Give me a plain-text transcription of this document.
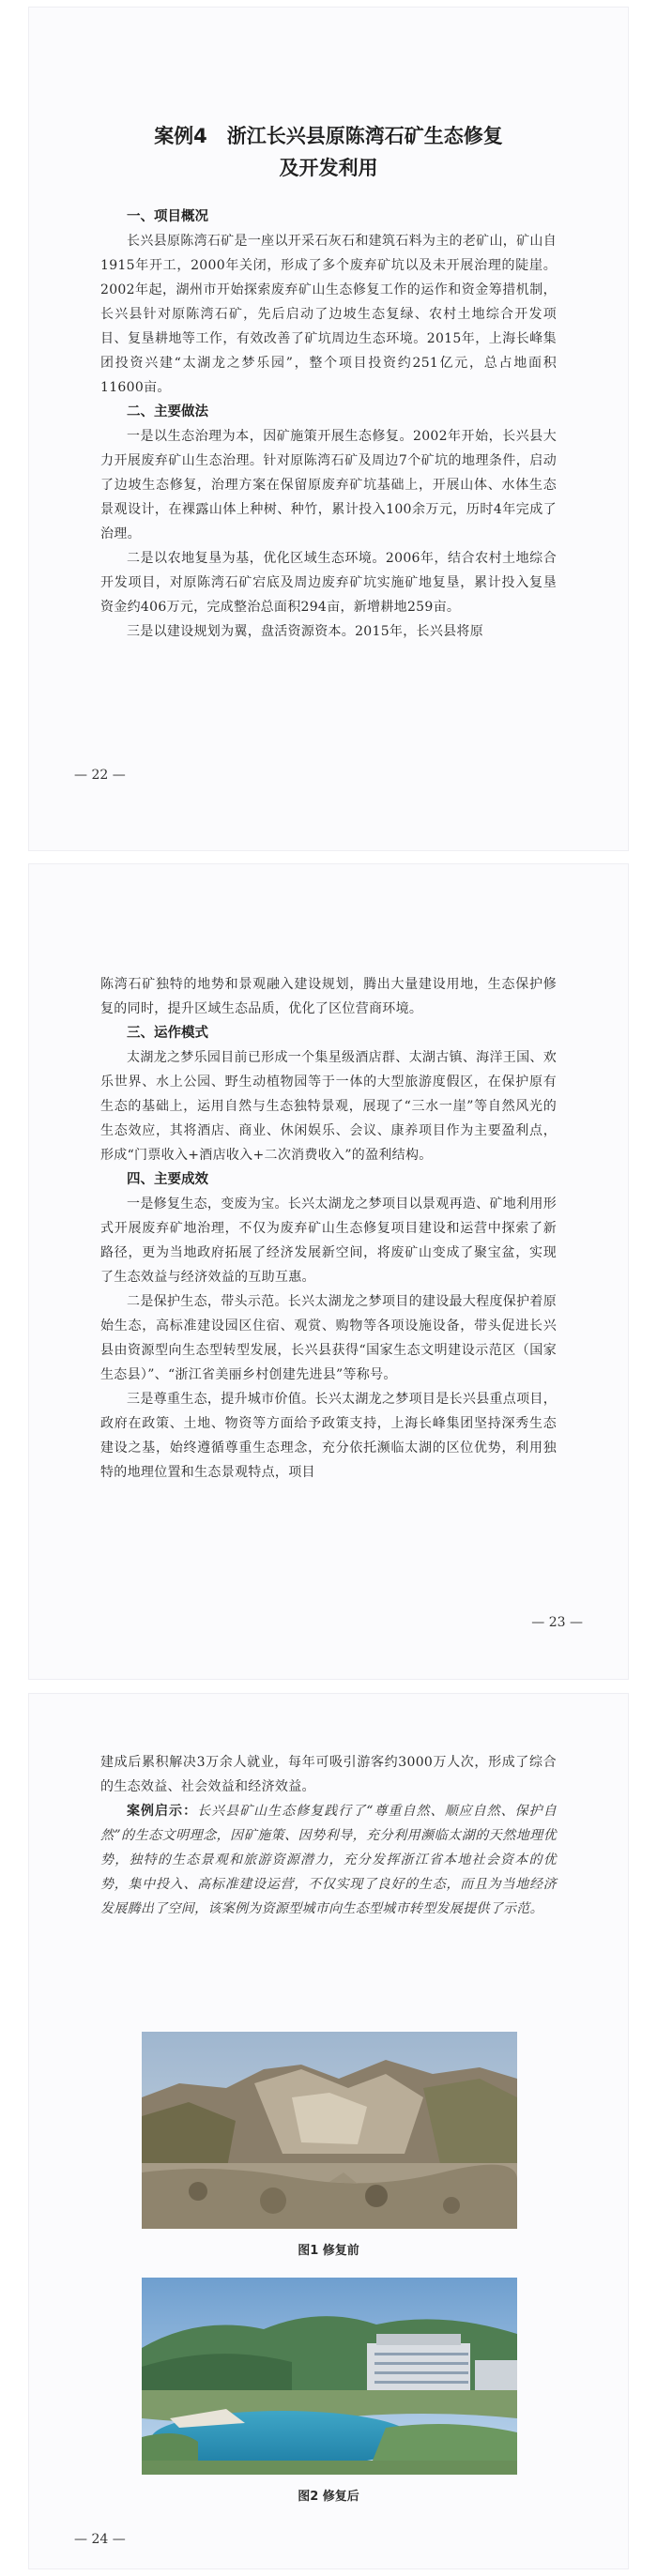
案例4　浙江长兴县原陈湾石矿生态修复

及开发利用

一、项目概况

长兴县原陈湾石矿是一座以开采石灰石和建筑石料为主的老矿山，矿山自1915年开工，2000年关闭，形成了多个废弃矿坑以及未开展治理的陡崖。2002年起，湖州市开始探索废弃矿山生态修复工作的运作和资金筹措机制，长兴县针对原陈湾石矿，先后启动了边坡生态复绿、农村土地综合开发项目、复垦耕地等工作，有效改善了矿坑周边生态环境。2015年，上海长峰集团投资兴建“太湖龙之梦乐园”，整个项目投资约251亿元，总占地面积11600亩。

二、主要做法

一是以生态治理为本，因矿施策开展生态修复。2002年开始，长兴县大力开展废弃矿山生态治理。针对原陈湾石矿及周边7个矿坑的地理条件，启动了边坡生态修复，治理方案在保留原废弃矿坑基础上，开展山体、水体生态景观设计，在裸露山体上种树、种竹，累计投入100余万元，历时4年完成了治理。

二是以农地复垦为基，优化区域生态环境。2006年，结合农村土地综合开发项目，对原陈湾石矿宕底及周边废弃矿坑实施矿地复垦，累计投入复垦资金约406万元，完成整治总面积294亩，新增耕地259亩。

三是以建设规划为翼，盘活资源资本。2015年，长兴县将原

— 22 —

陈湾石矿独特的地势和景观融入建设规划，腾出大量建设用地，生态保护修复的同时，提升区域生态品质，优化了区位营商环境。

三、运作模式

太湖龙之梦乐园目前已形成一个集星级酒店群、太湖古镇、海洋王国、欢乐世界、水上公园、野生动植物园等于一体的大型旅游度假区，在保护原有生态的基础上，运用自然与生态独特景观，展现了“三水一崖”等自然风光的生态效应，其将酒店、商业、休闲娱乐、会议、康养项目作为主要盈利点，形成“门票收入+酒店收入+二次消费收入”的盈利结构。

四、主要成效

一是修复生态，变废为宝。长兴太湖龙之梦项目以景观再造、矿地利用形式开展废弃矿地治理，不仅为废弃矿山生态修复项目建设和运营中探索了新路径，更为当地政府拓展了经济发展新空间，将废矿山变成了聚宝盆，实现了生态效益与经济效益的互助互惠。

二是保护生态，带头示范。长兴太湖龙之梦项目的建设最大程度保护着原始生态，高标准建设园区住宿、观赏、购物等各项设施设备，带头促进长兴县由资源型向生态型转型发展，长兴县获得“国家生态文明建设示范区（国家生态县）”、“浙江省美丽乡村创建先进县”等称号。

三是尊重生态，提升城市价值。长兴太湖龙之梦项目是长兴县重点项目，政府在政策、土地、物资等方面给予政策支持，上海长峰集团坚持深秀生态建设之基，始终遵循尊重生态理念，充分依托濒临太湖的区位优势，利用独特的地理位置和生态景观特点，项目

— 23 —

建成后累积解决3万余人就业，每年可吸引游客约3000万人次，形成了综合的生态效益、社会效益和经济效益。

案例启示：长兴县矿山生态修复践行了“尊重自然、顺应自然、保护自然”的生态文明理念，因矿施策、因势利导，充分利用濒临太湖的天然地理优势，独特的生态景观和旅游资源潜力，充分发挥浙江省本地社会资本的优势，集中投入、高标准建设运营，不仅实现了良好的生态，而且为当地经济发展腾出了空间，该案例为资源型城市向生态型城市转型发展提供了示范。

图1 修复前
图2 修复后
— 24 —
